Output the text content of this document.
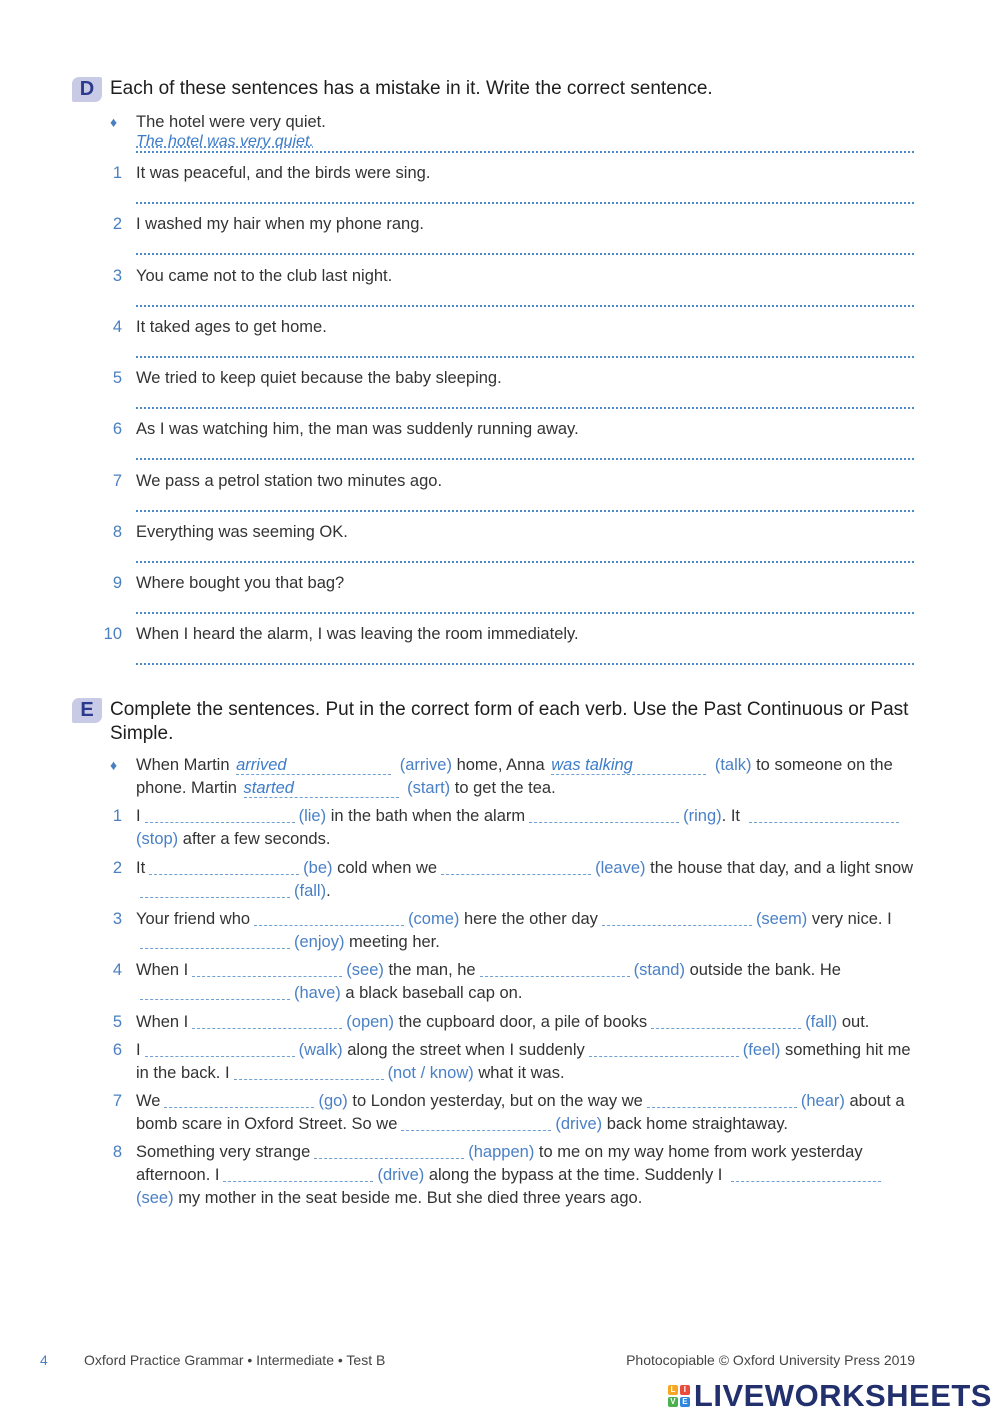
D Each of these sentences has a mistake in it. Write the correct sentence.
♦ The hotel were very quiet.
The hotel was very quiet.
1 It was peaceful, and the birds were sing.
2 I washed my hair when my phone rang.
3 You came not to the club last night.
4 It taked ages to get home.
5 We tried to keep quiet because the baby sleeping.
6 As I was watching him, the man was suddenly running away.
7 We pass a petrol station two minutes ago.
8 Everything was seeming OK.
9 Where bought you that bag?
10 When I heard the alarm, I was leaving the room immediately.
E Complete the sentences. Put in the correct form of each verb. Use the Past Continuous or Past Simple.
♦ When Martin arrived	(arrive) home, Anna was talking	(talk) to someone on the phone. Martin started	(start) to get the tea.
1 I	(lie) in the bath when the alarm	(ring). It (stop) after a few seconds.
2 It	(be) cold when we	(leave) the house that day, and a light snow(fall).
3 Your friend who	(come) here the other day	(seem) very nice. I(enjoy) meeting her.
4 When I	(see) the man, he	(stand) outside the bank. He (have) a black baseball cap on.
5 When I	(open) the cupboard door, a pile of books	(fall) out.
6 I	(walk) along the street when I suddenly	(feel) something hit me in the back. I	(not / know) what it was.
7 We	(go) to London yesterday, but on the way we	(hear) about a bomb scare in Oxford Street. So we	(drive) back home straightaway.
8 Something very strange	(happen) to me on my way home from work yesterday afternoon. I	(drive) along the bypass at the time. Suddenly I (see) my mother in the seat beside me. But she died three years ago.
4	Oxford Practice Grammar • Intermediate • Test B	Photocopiable © Oxford University Press 2019
L	I
V E LIVEWORKSHEETS
